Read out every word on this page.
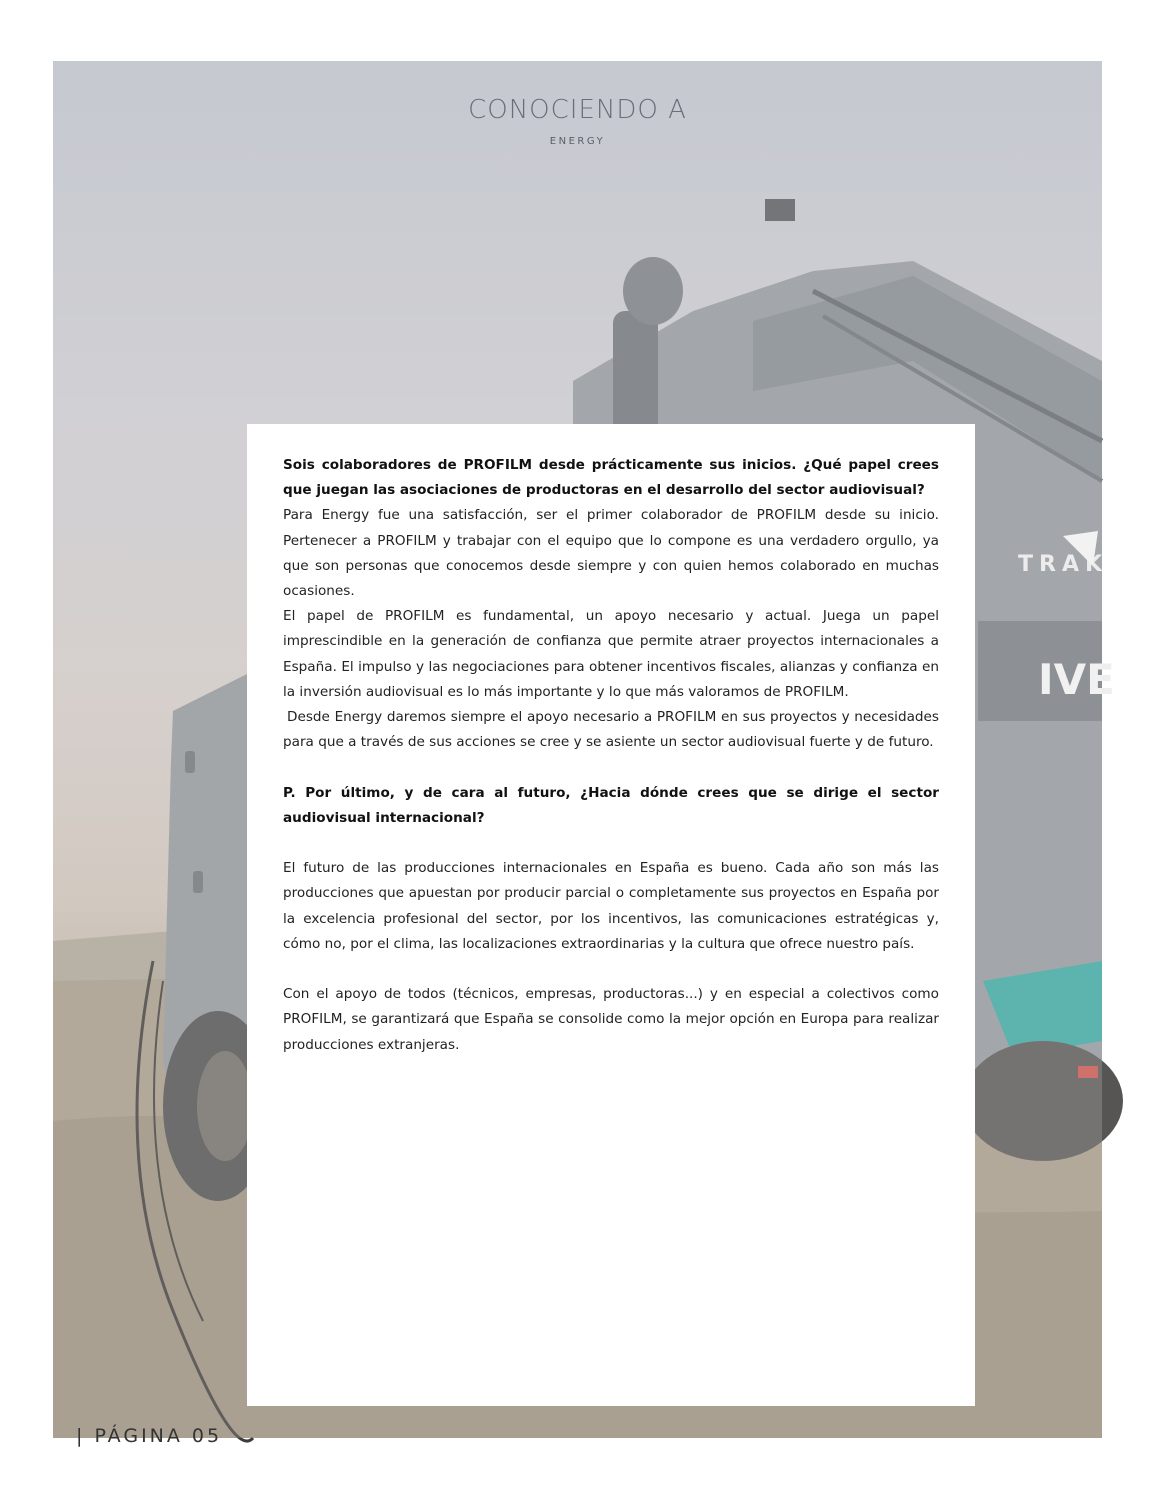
TRAK
IVE
CONOCIENDO A
ENERGY

Sois colaboradores de PROFILM desde prácticamente sus inicios. ¿Qué papel crees que juegan las asociaciones de productoras en el desarrollo del sector audiovisual?

Para Energy fue una satisfacción, ser el primer colaborador de PROFILM desde su inicio. Pertenecer a PROFILM y trabajar con el equipo que lo compone es una verdadero orgullo, ya que son personas que conocemos desde siempre y con quien hemos colaborado en muchas ocasiones.

El papel de PROFILM es fundamental, un apoyo necesario y actual. Juega un papel imprescindible en la generación de confianza que permite atraer proyectos internacionales a España. El impulso y las negociaciones para obtener incentivos fiscales, alianzas y confianza en la inversión audiovisual es lo más importante y lo que más valoramos de PROFILM.

Desde Energy daremos siempre el apoyo necesario a PROFILM en sus proyectos y necesidades para que a través de sus acciones se cree y se asiente un sector audiovisual fuerte y de futuro.

P. Por último, y de cara al futuro, ¿Hacia dónde crees que se dirige el sector audiovisual internacional?

El futuro de las producciones internacionales en España es bueno. Cada año son más las producciones que apuestan por producir parcial o completamente sus proyectos en España por la excelencia profesional del sector, por los incentivos, las comunicaciones estratégicas y, cómo no, por el clima, las localizaciones extraordinarias y la cultura que ofrece nuestro país.

Con el apoyo de todos (técnicos, empresas, productoras...) y en especial a colectivos como PROFILM, se garantizará que España se consolide como la mejor opción en Europa para realizar producciones extranjeras.

| PÁGINA 05
